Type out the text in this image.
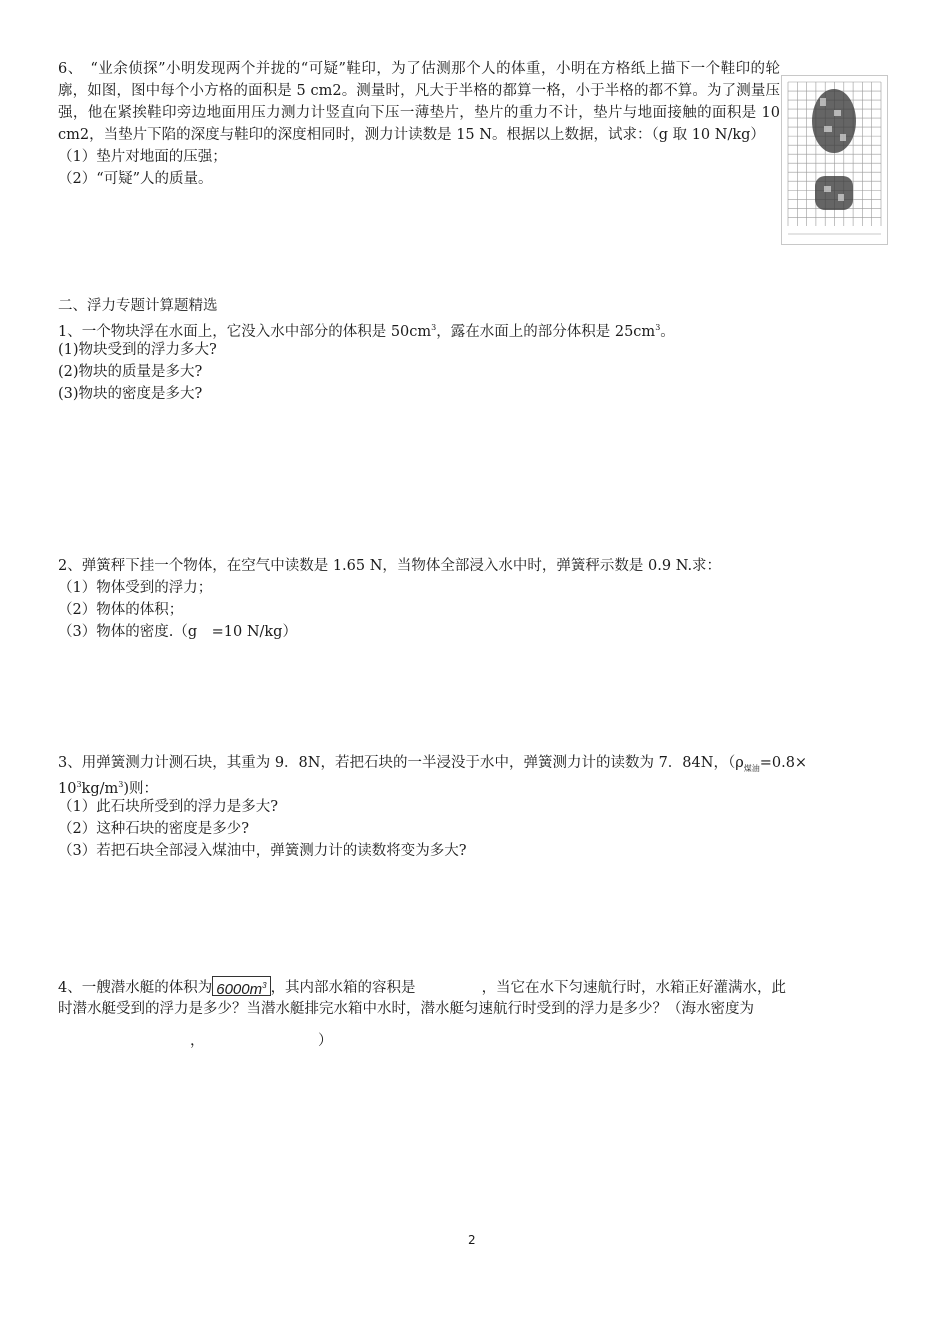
6、　“业余侦探”小明发现两个并拢的“可疑”鞋印，为了估测那个人的体重，小明在方格纸上描下一个鞋印的轮廓，如图，图中每个小方格的面积是 5 cm2。测量时，凡大于半格的都算一格，小于半格的都不算。为了测量压强，他在紧挨鞋印旁边地面用压力测力计竖直向下压一薄垫片，垫片的重力不计，垫片与地面接触的面积是 10 cm2，当垫片下陷的深度与鞋印的深度相同时，测力计读数是 15 N。根据以上数据，试求：（g 取 10 N/kg）
（1）垫片对地面的压强；
（2）“可疑”人的质量。
二、浮力专题计算题精选
1、一个物块浮在水面上，它没入水中部分的体积是 $50cm^3$，露在水面上的部分体积是 $25cm^3$。
(1)物块受到的浮力多大?
(2)物块的质量是多大?
(3)物块的密度是多大?
2、弹簧秤下挂一个物体，在空气中读数是 1.65 N，当物体全部浸入水中时，弹簧秤示数是 0.9 N.求：
（1）物体受到的浮力；
（2）物体的体积；
（3）物体的密度.（g　=10 N/kg）
3、用弹簧测力计测石块，其重为 9．8N，若把石块的一半浸没于水中，弹簧测力计的读数为 7．84N，（$\rho_{煤油}=0.8\times$
$10^3kg/m^3$)则：
（1）此石块所受到的浮力是多大?
（2）这种石块的密度是多少?
（3）若把石块全部浸入煤油中，弹簧测力计的读数将变为多大?
4、一艘潜水艇的体积为 $6000m^3$ ，其内部水箱的容积是	，当它在水下匀速航行时，水箱正好灌满水，此
时潜水艇受到的浮力是多少？当潜水艇排完水箱中水时，潜水艇匀速航行时受到的浮力是多少？（海水密度为
，	）
2
